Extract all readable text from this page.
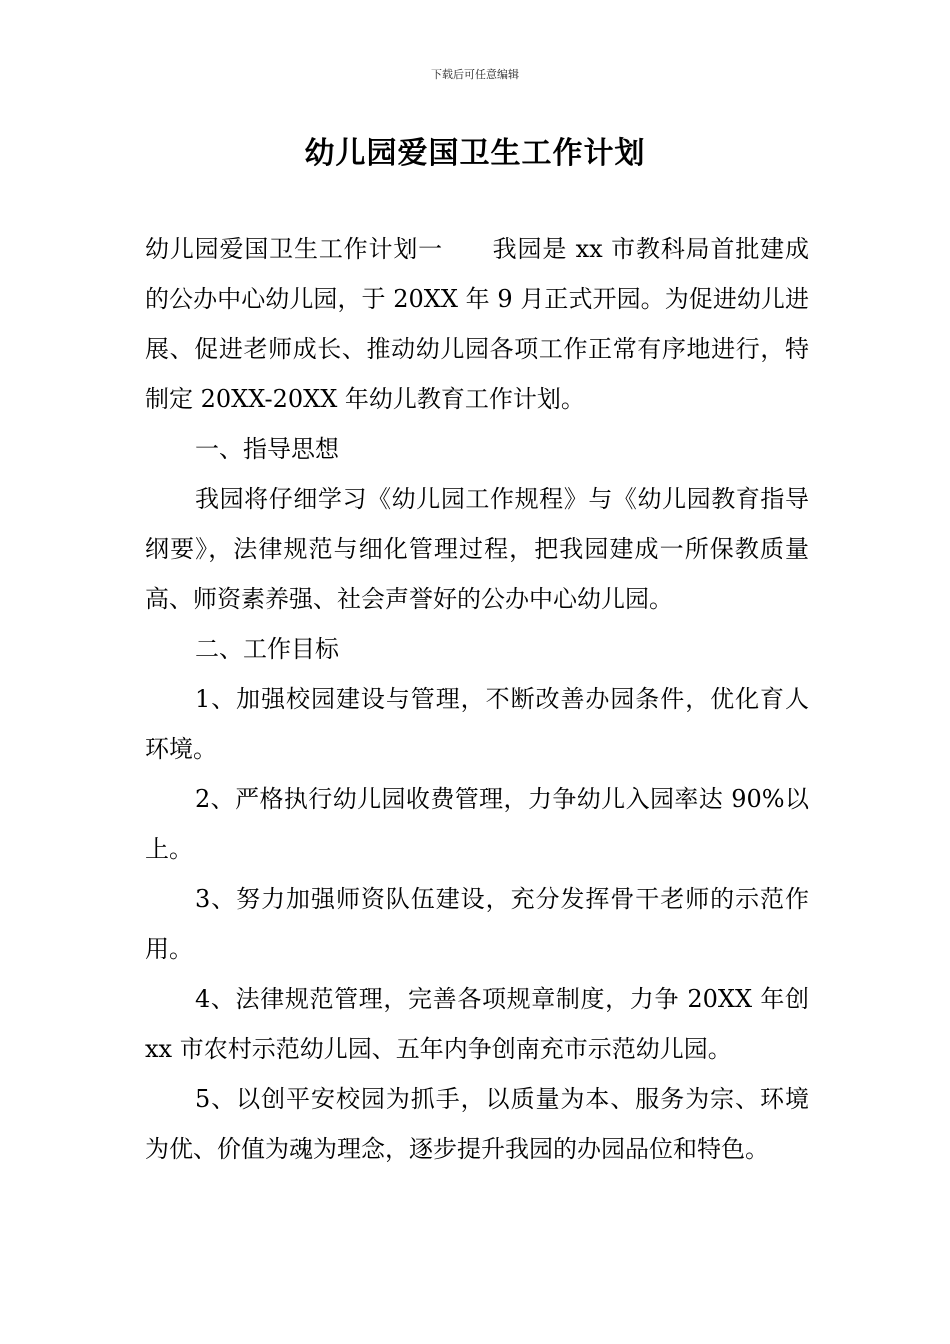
下载后可任意编辑
幼儿园爱国卫生工作计划

幼儿园爱国卫生工作计划一　　我园是 xx 市教科局首批建成的公办中心幼儿园，于 20XX 年 9 月正式开园。为促进幼儿进展、促进老师成长、推动幼儿园各项工作正常有序地进行，特制定 20XX-20XX 年幼儿教育工作计划。

一、指导思想

我园将仔细学习《幼儿园工作规程》与《幼儿园教育指导纲要》，法律规范与细化管理过程，把我园建成一所保教质量高、师资素养强、社会声誉好的公办中心幼儿园。

二、工作目标

1、加强校园建设与管理，不断改善办园条件，优化育人环境。

2、严格执行幼儿园收费管理，力争幼儿入园率达 90%以上。

3、努力加强师资队伍建设，充分发挥骨干老师的示范作用。

4、法律规范管理，完善各项规章制度，力争 20XX 年创 xx 市农村示范幼儿园、五年内争创南充市示范幼儿园。

5、以创平安校园为抓手，以质量为本、服务为宗、环境为优、价值为魂为理念，逐步提升我园的办园品位和特色。
